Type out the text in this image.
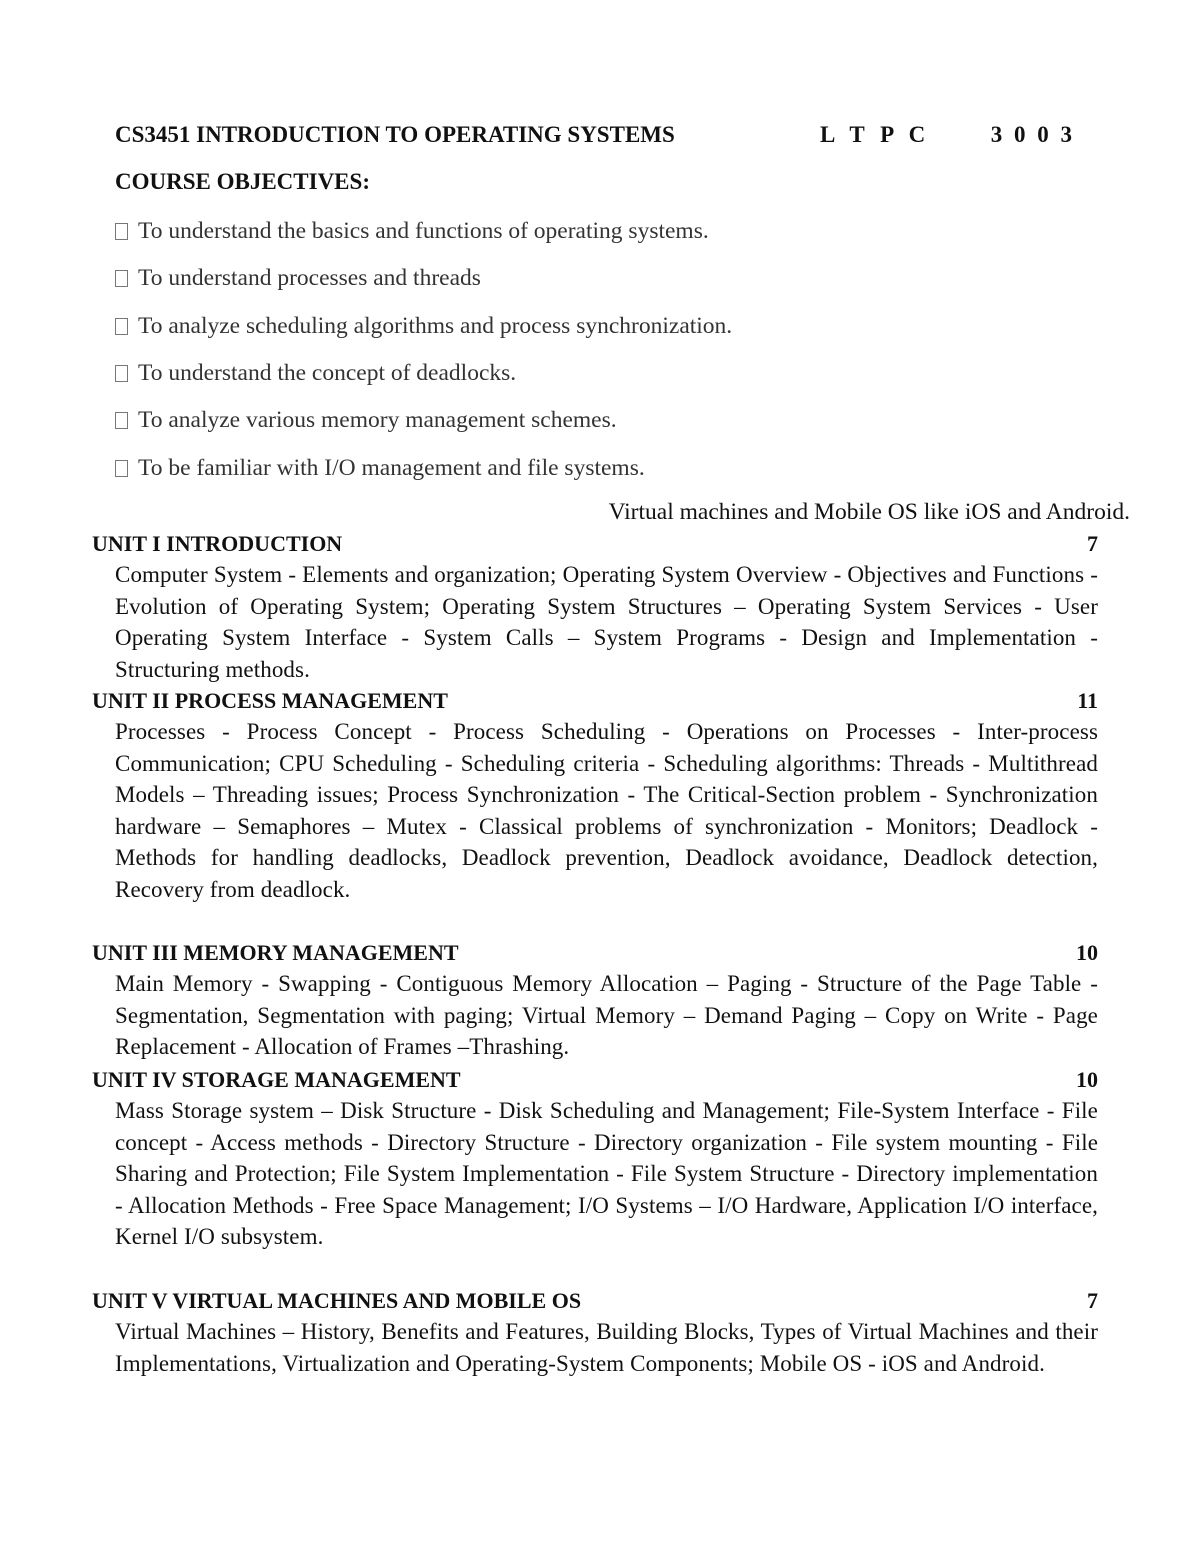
CS3451 INTRODUCTION TO OPERATING SYSTEMS	L T P C	3 0 0 3
COURSE OBJECTIVES:
To understand the basics and functions of operating systems.
To understand processes and threads
To analyze scheduling algorithms and process synchronization.
To understand the concept of deadlocks.
To analyze various memory management schemes.
To be familiar with I/O management and file systems.
Virtual machines and Mobile OS like iOS and Android.
UNIT I INTRODUCTION	7
Computer System - Elements and organization; Operating System Overview - Objectives and Functions - Evolution of Operating System; Operating System Structures – Operating System Services - User Operating System Interface - System Calls – System Programs - Design and Implementation - Structuring methods.
UNIT II PROCESS MANAGEMENT	11
Processes - Process Concept - Process Scheduling - Operations on Processes - Inter-process Communication; CPU Scheduling - Scheduling criteria - Scheduling algorithms: Threads - Multithread Models – Threading issues; Process Synchronization - The Critical-Section problem - Synchronization hardware – Semaphores – Mutex - Classical problems of synchronization - Monitors; Deadlock - Methods for handling deadlocks, Deadlock prevention, Deadlock avoidance, Deadlock detection, Recovery from deadlock.
UNIT III MEMORY MANAGEMENT	10
Main Memory - Swapping - Contiguous Memory Allocation – Paging - Structure of the Page Table - Segmentation, Segmentation with paging; Virtual Memory – Demand Paging – Copy on Write - Page Replacement - Allocation of Frames –Thrashing.
UNIT IV STORAGE MANAGEMENT	10
Mass Storage system – Disk Structure - Disk Scheduling and Management; File-System Interface - File concept - Access methods - Directory Structure - Directory organization - File system mounting - File Sharing and Protection; File System Implementation - File System Structure - Directory implementation - Allocation Methods - Free Space Management; I/O Systems – I/O Hardware, Application I/O interface, Kernel I/O subsystem.
UNIT V VIRTUAL MACHINES AND MOBILE OS	7
Virtual Machines – History, Benefits and Features, Building Blocks, Types of Virtual Machines and their Implementations, Virtualization and Operating-System Components; Mobile OS - iOS and Android.
